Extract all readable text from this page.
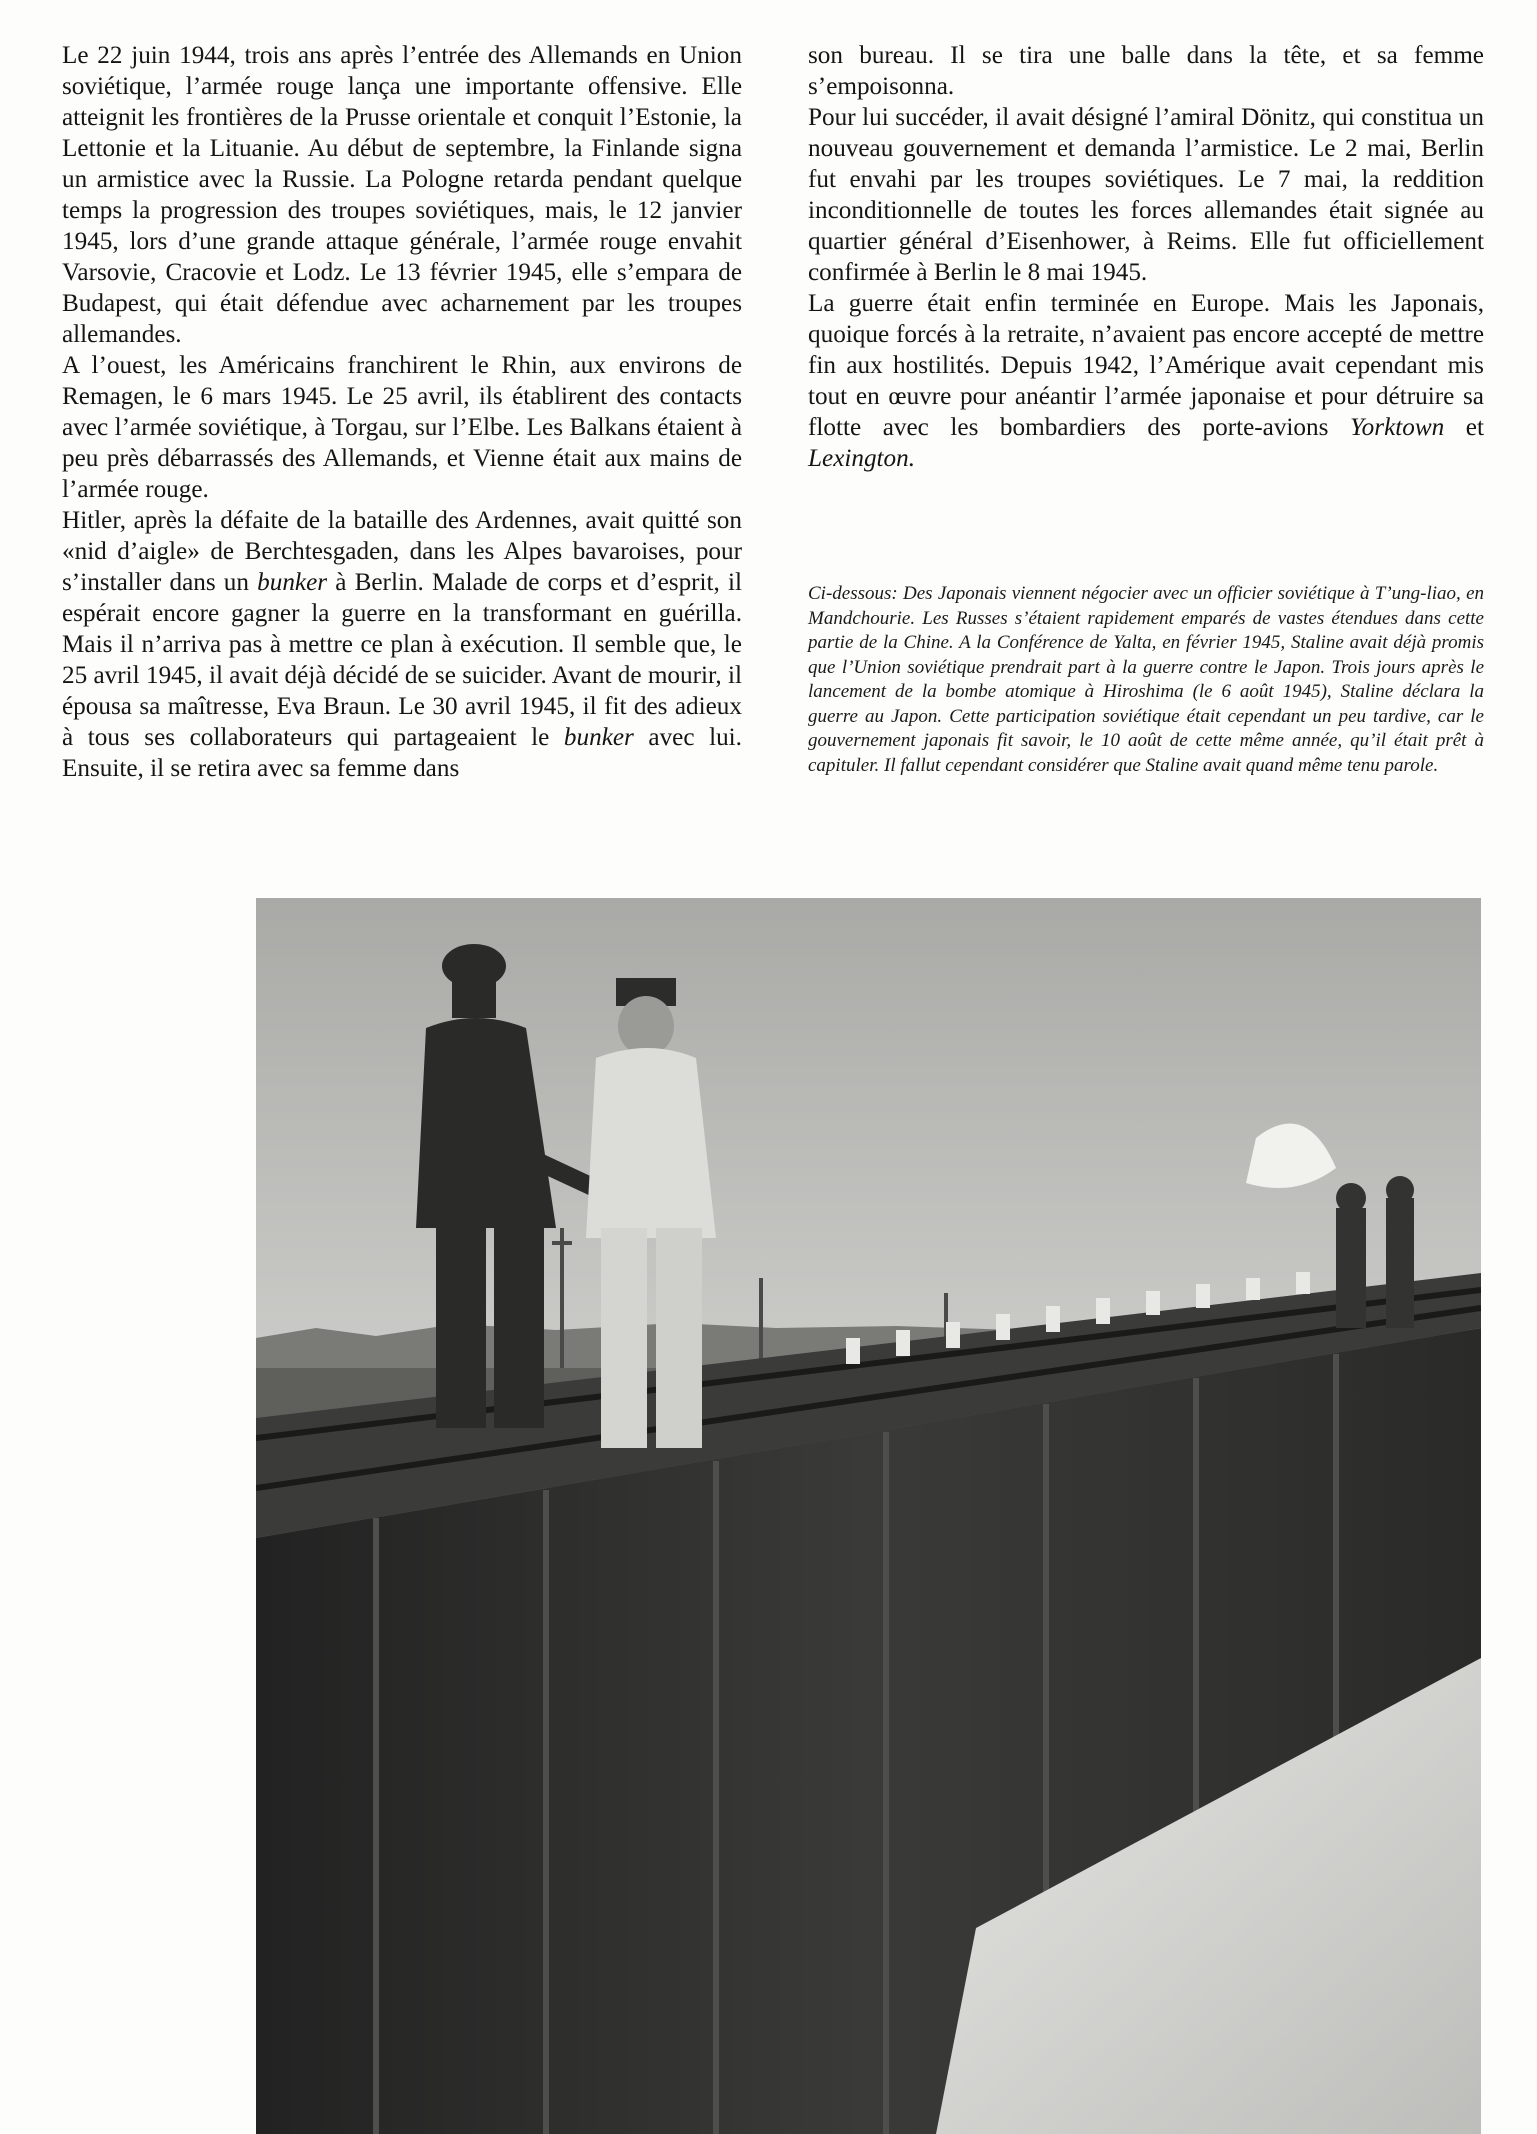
Le 22 juin 1944, trois ans après l’entrée des Allemands en Union soviétique, l’armée rouge lança une importante offensive. Elle atteignit les frontières de la Prusse orientale et conquit l’Estonie, la Lettonie et la Lituanie. Au début de septembre, la Finlande signa un armistice avec la Russie. La Pologne retarda pendant quelque temps la progression des troupes soviétiques, mais, le 12 janvier 1945, lors d’une grande attaque générale, l’armée rouge envahit Varsovie, Cracovie et Lodz. Le 13 février 1945, elle s’empara de Budapest, qui était défendue avec acharnement par les troupes allemandes.

A l’ouest, les Américains franchirent le Rhin, aux environs de Remagen, le 6 mars 1945. Le 25 avril, ils établirent des contacts avec l’armée soviétique, à Torgau, sur l’Elbe. Les Balkans étaient à peu près débarrassés des Allemands, et Vienne était aux mains de l’armée rouge.

Hitler, après la défaite de la bataille des Ardennes, avait quitté son «nid d’aigle» de Berchtesgaden, dans les Alpes bavaroises, pour s’installer dans un bunker à Berlin. Malade de corps et d’esprit, il espérait encore gagner la guerre en la transformant en guérilla. Mais il n’arriva pas à mettre ce plan à exécution. Il semble que, le 25 avril 1945, il avait déjà décidé de se suicider. Avant de mourir, il épousa sa maîtresse, Eva Braun. Le 30 avril 1945, il fit des adieux à tous ses collaborateurs qui partageaient le bunker avec lui. Ensuite, il se retira avec sa femme dans

son bureau. Il se tira une balle dans la tête, et sa femme s’empoisonna.

Pour lui succéder, il avait désigné l’amiral Dönitz, qui constitua un nouveau gouvernement et demanda l’armistice. Le 2 mai, Berlin fut envahi par les troupes soviétiques. Le 7 mai, la reddition inconditionnelle de toutes les forces allemandes était signée au quartier général d’Eisenhower, à Reims. Elle fut officiellement confirmée à Berlin le 8 mai 1945.

La guerre était enfin terminée en Europe. Mais les Japonais, quoique forcés à la retraite, n’avaient pas encore accepté de mettre fin aux hostilités. Depuis 1942, l’Amérique avait cependant mis tout en œuvre pour anéantir l’armée japonaise et pour détruire sa flotte avec les bombardiers des porte-avions Yorktown et Lexington.

Ci-dessous: Des Japonais viennent négocier avec un officier soviétique à T’ung-liao, en Mandchourie. Les Russes s’étaient rapidement emparés de vastes étendues dans cette partie de la Chine. A la Conférence de Yalta, en février 1945, Staline avait déjà promis que l’Union soviétique prendrait part à la guerre contre le Japon. Trois jours après le lancement de la bombe atomique à Hiroshima (le 6 août 1945), Staline déclara la guerre au Japon. Cette participation soviétique était cependant un peu tardive, car le gouvernement japonais fit savoir, le 10 août de cette même année, qu’il était prêt à capituler. Il fallut cependant considérer que Staline avait quand même tenu parole.
